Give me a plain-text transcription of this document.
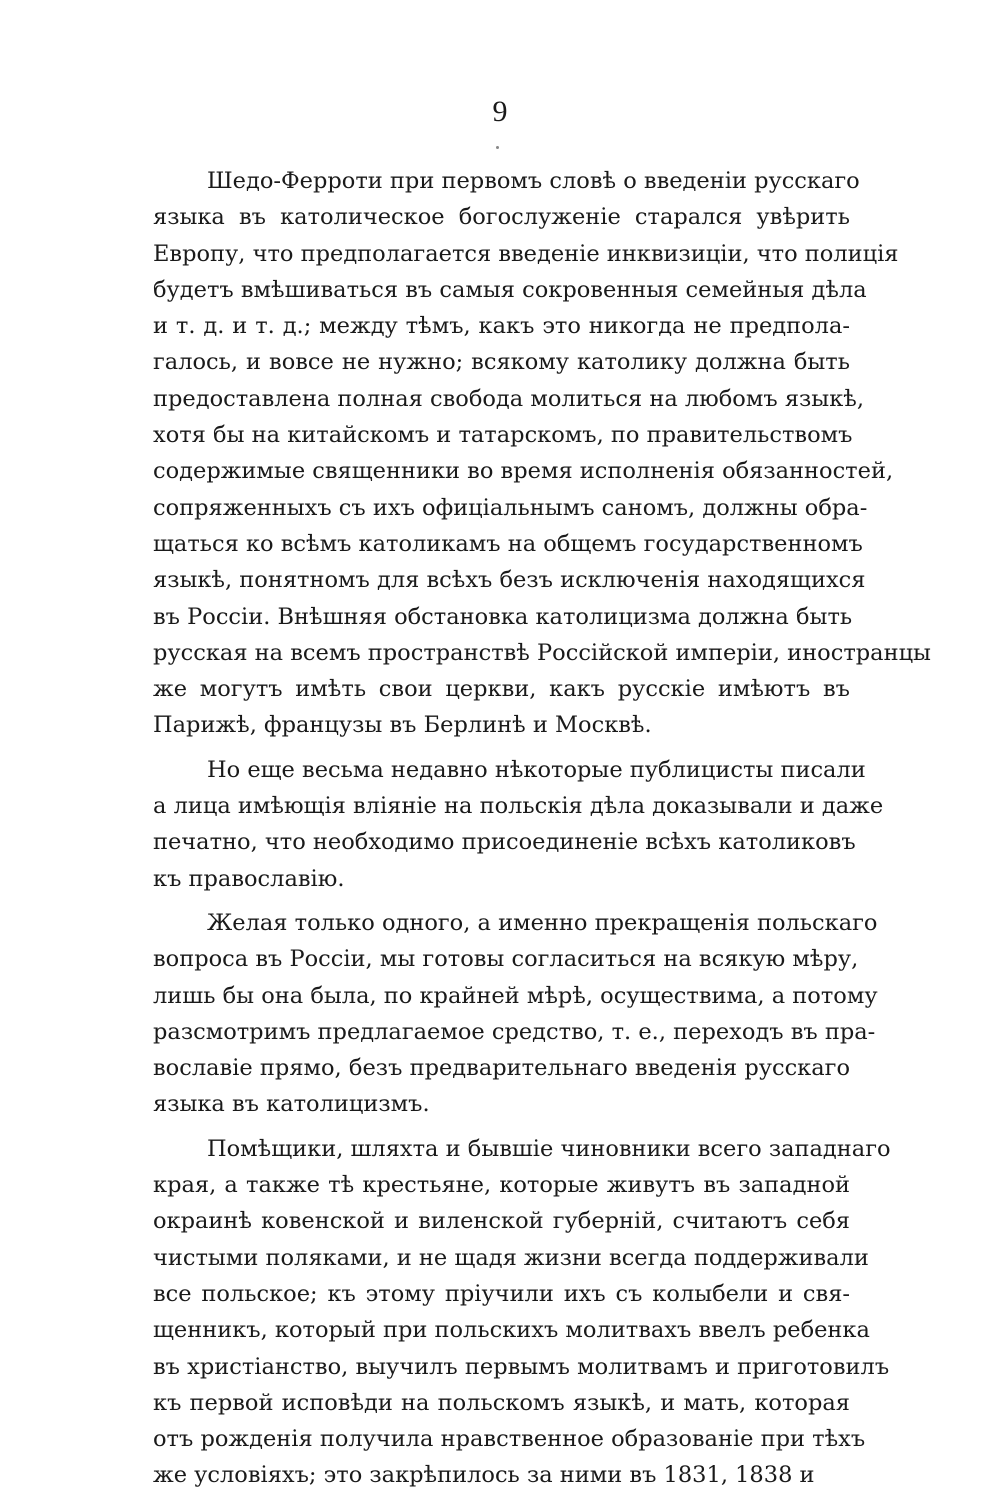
9
Шедо-Ферроти при первомъ словѣ о введеніи русскаго
языка въ католическое богослуженіе старался увѣрить
Европу, что предполагается введеніе инквизиціи, что полиція
будетъ вмѣшиваться въ самыя сокровенныя семейныя дѣла
и т. д. и т. д.; между тѣмъ, какъ это никогда не предпола-
галось, и вовсе не нужно; всякому католику должна быть
предоставлена полная свобода молиться на любомъ языкѣ,
хотя бы на китайскомъ и татарскомъ, по правительствомъ
содержимые священники во время исполненія обязанностей,
сопряженныхъ съ ихъ офиціальнымъ саномъ, должны обра-
щаться ко всѣмъ католикамъ на общемъ государственномъ
языкѣ, понятномъ для всѣхъ безъ исключенія находящихся
въ Россіи. Внѣшняя обстановка католицизма должна быть
русская на всемъ пространствѣ Россійской имперіи, иностранцы
же могутъ имѣть свои церкви, какъ русскіе имѣютъ въ
Парижѣ, французы въ Берлинѣ и Москвѣ.
Но еще весьма недавно нѣкоторые публицисты писали
а лица имѣющія вліяніе на польскія дѣла доказывали и даже
печатно, что необходимо присоединеніе всѣхъ католиковъ
къ православію.
Желая только одного, а именно прекращенія польскаго
вопроса въ Россіи, мы готовы согласиться на всякую мѣру,
лишь бы она была, по крайней мѣрѣ, осуществима, а потому
разсмотримъ предлагаемое средство, т. е., переходъ въ пра-
вославіе прямо, безъ предварительнаго введенія русскаго
языка въ католицизмъ.
Помѣщики, шляхта и бывшіе чиновники всего западнаго
края, а также тѣ крестьяне, которые живутъ въ западной
окраинѣ ковенской и виленской губерній, считаютъ себя
чистыми поляками, и не щадя жизни всегда поддерживали
все польское; къ этому пріучили ихъ съ колыбели и свя-
щенникъ, который при польскихъ молитвахъ ввелъ ребенка
въ христіанство, выучилъ первымъ молитвамъ и приготовилъ
къ первой исповѣди на польскомъ языкѣ, и мать, которая
отъ рожденія получила нравственное образованіе при тѣхъ
же условіяхъ; это закрѣпилось за ними въ 1831, 1838 и
